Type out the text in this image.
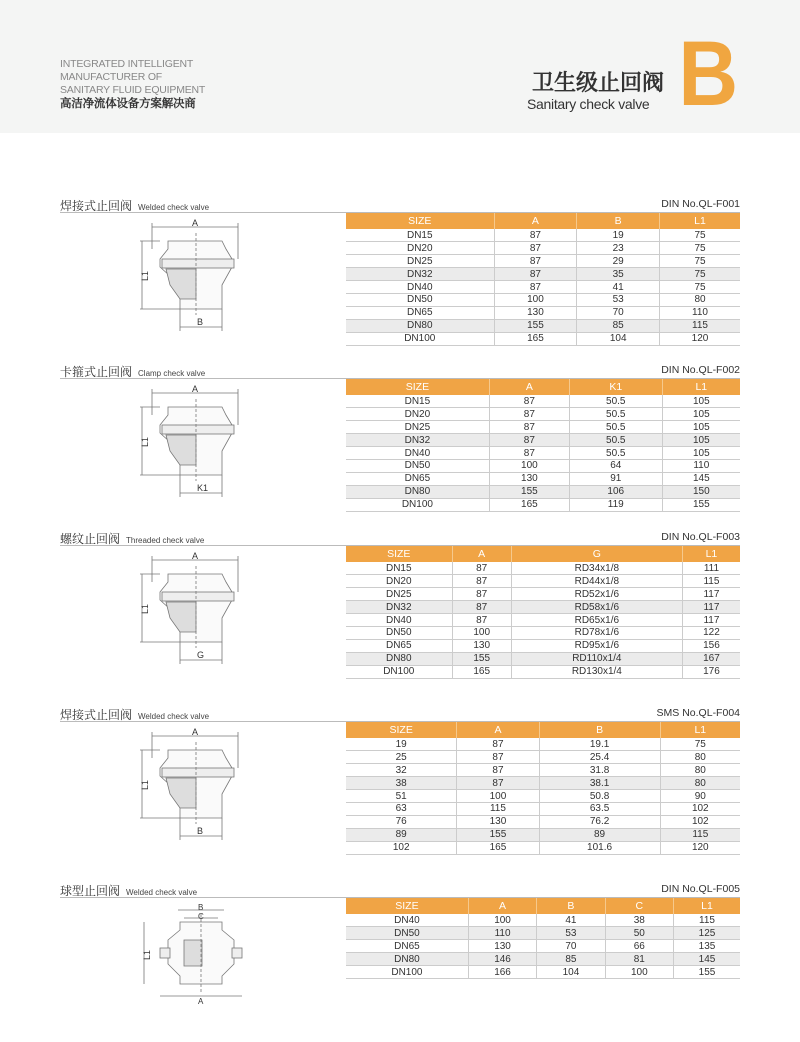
INTEGRATED INTELLIGENT
MANUFACTURER OF
SANITARY FLUID EQUIPMENT
高洁净流体设备方案解决商
卫生级止回阀
Sanitary check valve B
焊接式止回阀 Welded check valve	DIN No.QL-F001
SIZE	A	B	L1
DN15	87	19	75
DN20	87	23	75
DN25	87	29	75
DN32	87	35	75
DN40	87	41	75
DN50	100	53	80
DN65	130	70	110
DN80	155	85	115
DN100	165	104	120
A
L1
B
卡箍式止回阀 Clamp check valve	DIN No.QL-F002
SIZE	A	K1	L1
DN15	87	50.5	105
DN20	87	50.5	105
DN25	87	50.5	105
DN32	87	50.5	105
DN40	87	50.5	105
DN50	100	64	110
DN65	130	91	145
DN80	155	106	150
DN100	165	119	155
A
L1
K1
螺纹止回阀 Threaded check valve	DIN No.QL-F003
SIZE	A	G	L1
DN15	87	RD34x1/8	111
DN20	87	RD44x1/8	115
DN25	87	RD52x1/6	117
DN32	87	RD58x1/6	117
DN40	87	RD65x1/6	117
DN50	100	RD78x1/6	122
DN65	130	RD95x1/6	156
DN80	155	RD110x1/4	167
DN100	165	RD130x1/4	176
A
L1
G
焊接式止回阀 Welded check valve	SMS No.QL-F004
SIZE	A	B	L1
19	87	19.1	75
25	87	25.4	80
32	87	31.8	80
38	87	38.1	80
51	100	50.8	90
63	115	63.5	102
76	130	76.2	102
89	155	89	115
102	165	101.6	120
A
L1
B
球型止回阀 Welded check valve	DIN No.QL-F005
SIZE	A	B	C	L1
DN40	100	41	38	115
DN50	110	53	50	125
DN65	130	70	66	135
DN80	146	85	81	145
DN100	166	104	100	155
B
C
L1
A
